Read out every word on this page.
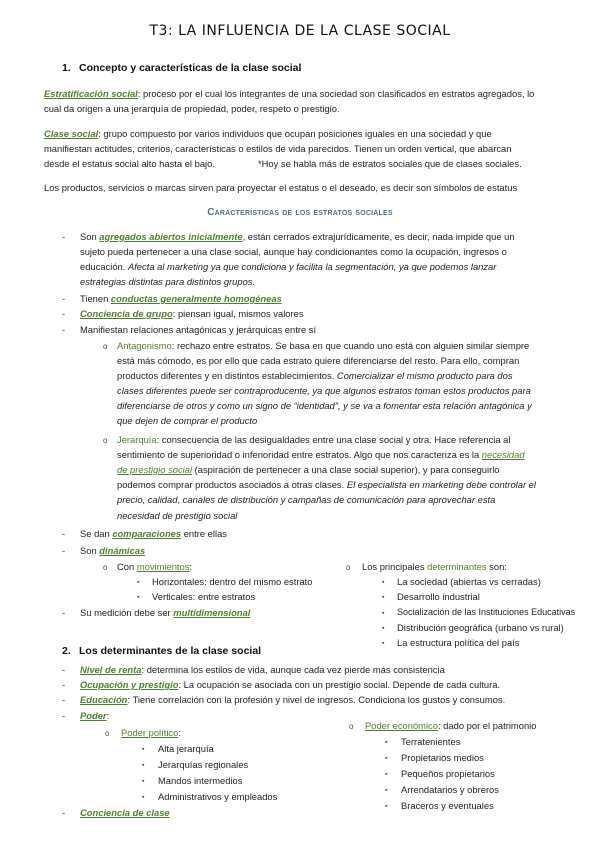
T3: LA INFLUENCIA DE LA CLASE SOCIAL
1. Concepto y características de la clase social
Estratificación social: proceso por el cual los integrantes de una sociedad son clasificados en estratos agregados, lo
cual da origen a una jerarquía de propiedad, poder, respeto o prestigio.
Clase social: grupo compuesto por varios individuos que ocupan posiciones iguales en una sociedad y que
manifiestan actitudes, criterios, características o estilos de vida parecidos. Tienen un orden vertical, que abarcan
desde el estatus social alto hasta el bajo.	*Hoy se habla más de estratos sociales que de clases sociales.
Los productos, servicios o marcas sirven para proyectar el estatus o el deseado, es decir son símbolos de estatus
Características de los estratos sociales
- Son agregados abiertos inicialmente, están cerrados extrajurídicamente, es decir, nada impide que un
sujeto pueda pertenecer a una clase social, aunque hay condicionantes como la ocupación, ingresos o
educación. Afecta al marketing ya que condiciona y facilita la segmentación, ya que podemos lanzar
estrategias distintas para distintos grupos.
- Tienen conductas generalmente homogéneas
- Conciencia de grupo: piensan igual, mismos valores
- Manifiestan relaciones antagónicas y jerárquicas entre sí
o Antagonismo: rechazo entre estratos. Se basa en que cuando uno está con alguien similar siempre
está más cómodo, es por ello que cada estrato quiere diferenciarse del resto. Para ello, compran
productos diferentes y en distintos establecimientos. Comercializar el mismo producto para dos
clases diferentes puede ser contraproducente, ya que algunos estratos toman estos productos para
diferenciarse de otros y como un signo de “identidad”, y se va a fomentar esta relación antagónica y
que dejen de comprar el producto
o Jerarquía: consecuencia de las desigualdades entre una clase social y otra. Hace referencia al
sentimiento de superioridad o inferioridad entre estratos. Algo que nos caracteriza es la necesidad
de prestigio social (aspiración de pertenecer a una clase social superior), y para conseguirlo
podemos comprar productos asociados a otras clases. El especialista en marketing debe controlar el
precio, calidad, canales de distribución y campañas de comunicación para aprovechar esta
necesidad de prestigio social
- Se dan comparaciones entre ellas
- Son dinámicas
o Con movimientos:
▪ Horizontales: dentro del mismo estrato
▪ Verticales: entre estratos
- Su medición debe ser multidimensional
o Los principales determinantes son:
▪ La sociedad (abiertas vs cerradas)
▪ Desarrollo industrial
▪ Socialización de las Instituciones Educativas
▪ Distribución geográfica (urbano vs rural)
▪ La estructura política del país
2. Los determinantes de la clase social
- Nivel de renta: determina los estilos de vida, aunque cada vez pierde más consistencia
- Ocupación y prestigio: La ocupación se asociada con un prestigio social. Depende de cada cultura.
- Educación: Tiene correlación con la profesión y nivel de ingresos. Condiciona los gustos y consumos.
- Poder:
o Poder político:
▪ Alta jerarquía
▪ Jerarquías regionales
▪ Mandos intermedios
▪ Administrativos y empleados
o Poder económico: dado por el patrimonio
▪ Terratenientes
▪ Propietarios medios
▪ Pequeños propietarios
▪ Arrendatarios y obreros
▪ Braceros y eventuales
- Conciencia de clase
